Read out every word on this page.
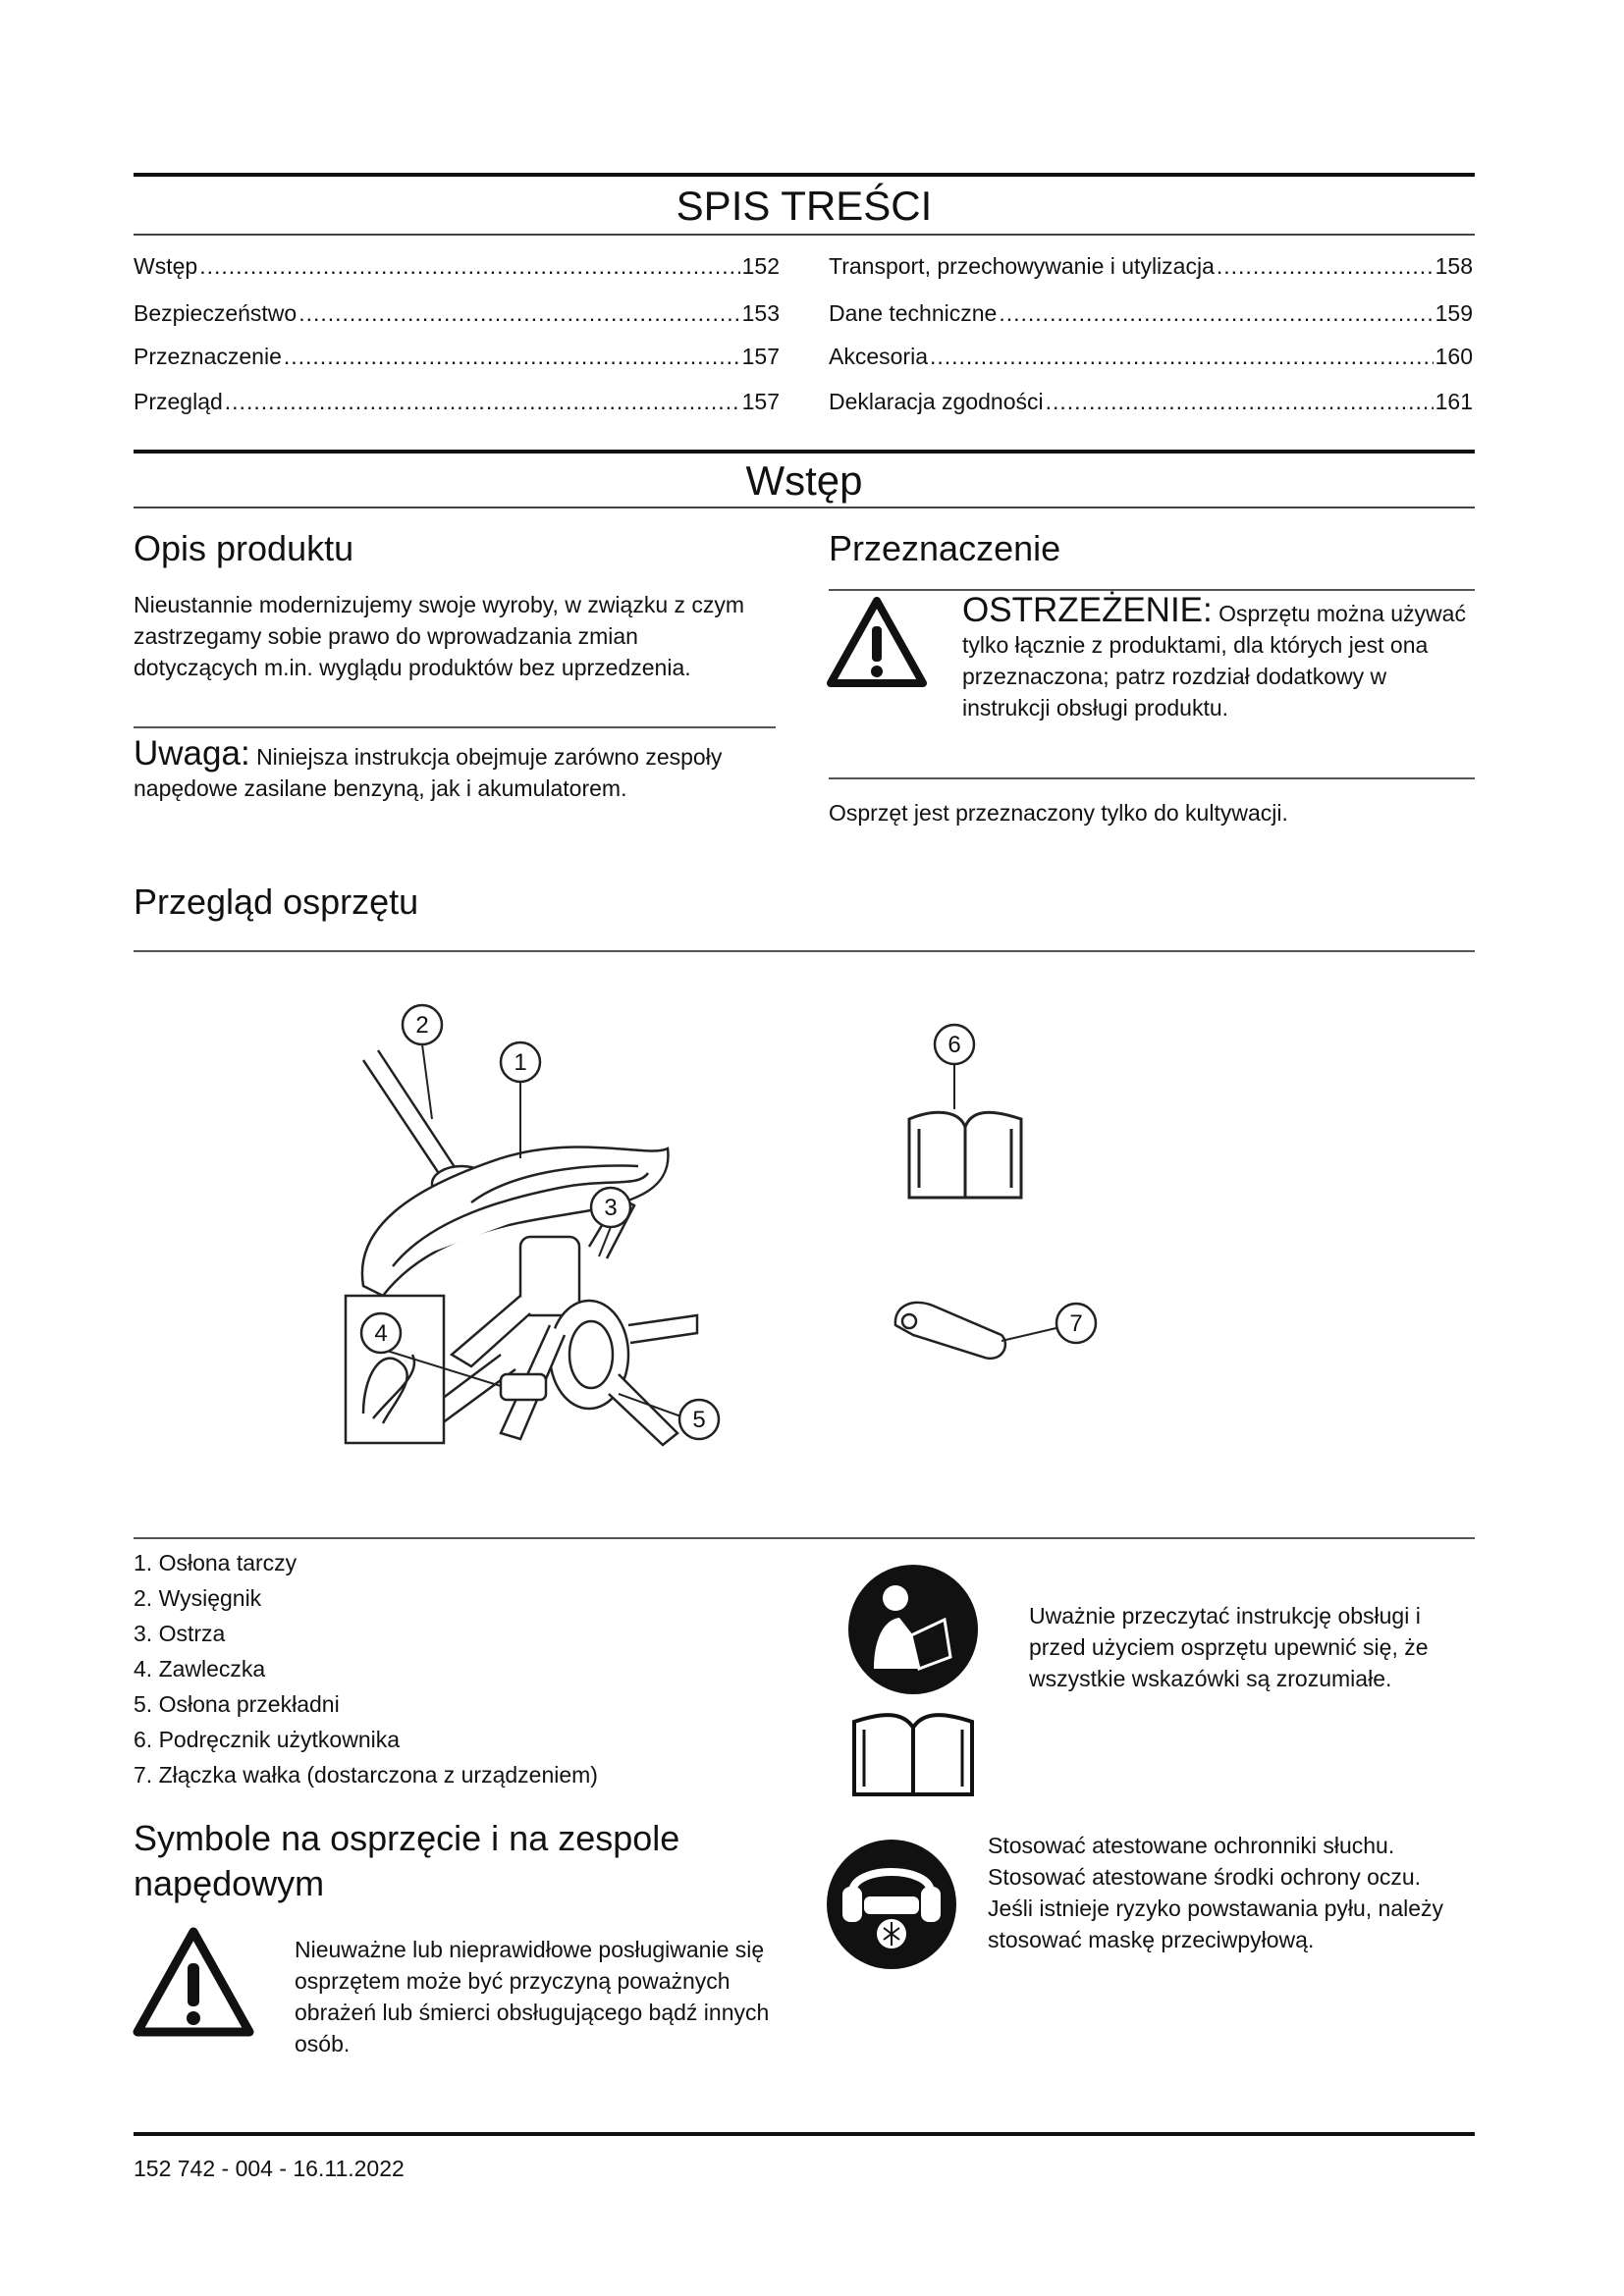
SPIS TREŚCI
Wstęp .....	152
Bezpieczeństwo .....	153
Przeznaczenie .....	157
Przegląd .....	157
Transport, przechowywanie i utylizacja .....	158
Dane techniczne .....	159
Akcesoria .....	160
Deklaracja zgodności .....	161
Wstęp
Opis produktu
Nieustannie modernizujemy swoje wyroby, w związku z czym zastrzegamy sobie prawo do wprowadzania zmian dotyczących m.in. wyglądu produktów bez uprzedzenia.
Uwaga: Niniejsza instrukcja obejmuje zarówno zespoły napędowe zasilane benzyną, jak i akumulatorem.
Przeznaczenie
OSTRZEŻENIE: Osprzętu można używać tylko łącznie z produktami, dla których jest ona przeznaczona; patrz rozdział dodatkowy w instrukcji obsługi produktu.
Osprzęt jest przeznaczony tylko do kultywacji.
Przegląd osprzętu
2
1
3
4
5
6
7
1. Osłona tarczy
2. Wysięgnik
3. Ostrza
4. Zawleczka
5. Osłona przekładni
6. Podręcznik użytkownika
7. Złączka wałka (dostarczona z urządzeniem)
Symbole na osprzęcie i na zespole napędowym
Nieuważne lub nieprawidłowe posługiwanie się osprzętem może być przyczyną poważnych obrażeń lub śmierci obsługującego bądź innych osób.
Uważnie przeczytać instrukcję obsługi i przed użyciem osprzętu upewnić się, że wszystkie wskazówki są zrozumiałe.
Stosować atestowane ochronniki słuchu. Stosować atestowane środki ochrony oczu. Jeśli istnieje ryzyko powstawania pyłu, należy stosować maskę przeciwpyłową.
152 742 - 004 - 16.11.2022
